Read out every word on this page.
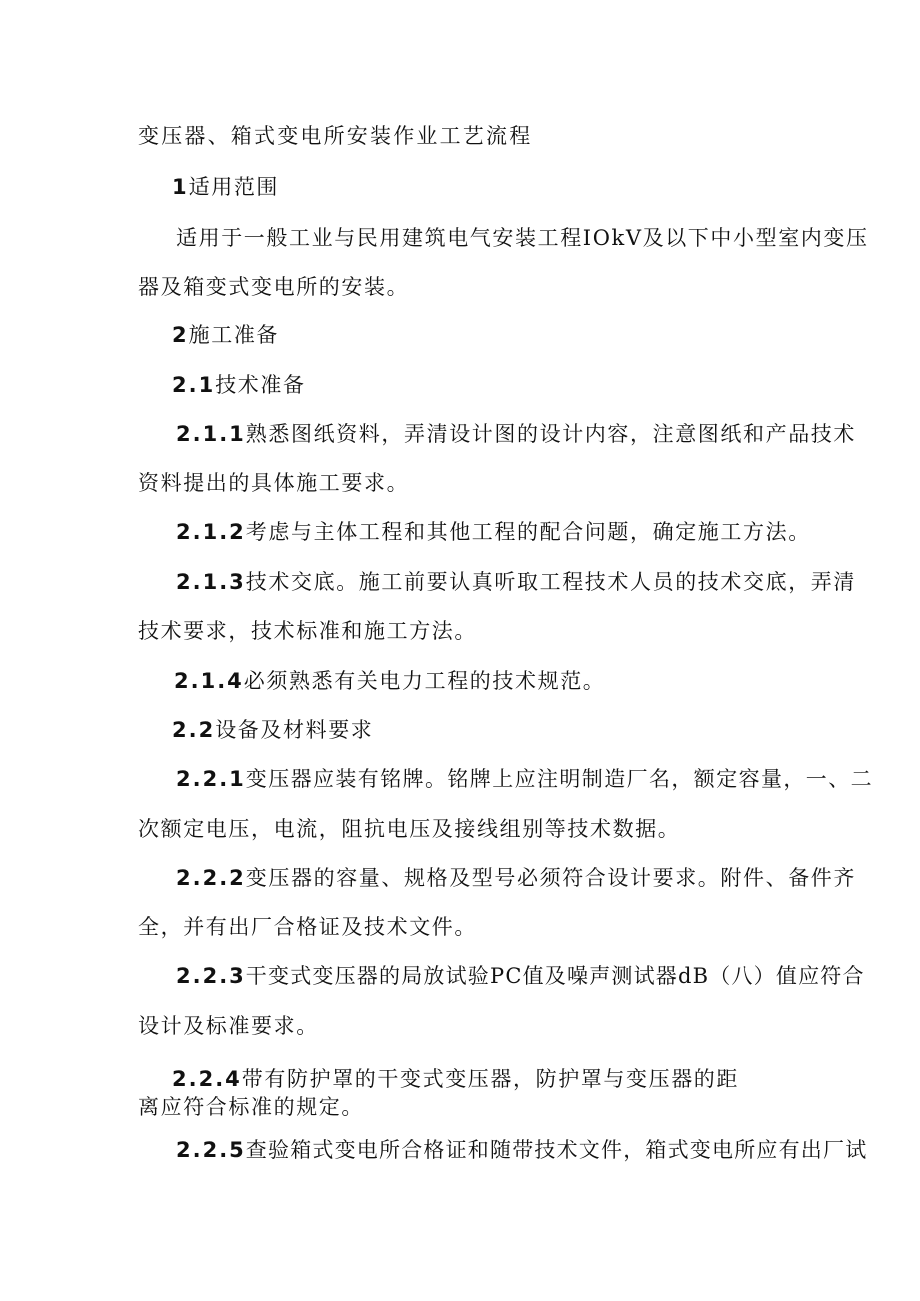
变压器、箱式变电所安装作业工艺流程
1适用范围
适用于一般工业与民用建筑电气安装工程IOkV及以下中小型室内变压
器及箱变式变电所的安装。
2施工准备
2.1技术准备
2.1.1熟悉图纸资料，弄清设计图的设计内容，注意图纸和产品技术
资料提出的具体施工要求。
2.1.2考虑与主体工程和其他工程的配合问题，确定施工方法。
2.1.3技术交底。施工前要认真听取工程技术人员的技术交底，弄清
技术要求，技术标准和施工方法。
2.1.4必须熟悉有关电力工程的技术规范。
2.2设备及材料要求
2.2.1变压器应装有铭牌。铭牌上应注明制造厂名，额定容量，一、二
次额定电压，电流，阻抗电压及接线组别等技术数据。
2.2.2变压器的容量、规格及型号必须符合设计要求。附件、备件齐
全，并有出厂合格证及技术文件。
2.2.3干变式变压器的局放试验PC值及噪声测试器dB（八）值应符合
设计及标准要求。
2.2.4带有防护罩的干变式变压器，防护罩与变压器的距
离应符合标准的规定。
2.2.5查验箱式变电所合格证和随带技术文件，箱式变电所应有出厂试
